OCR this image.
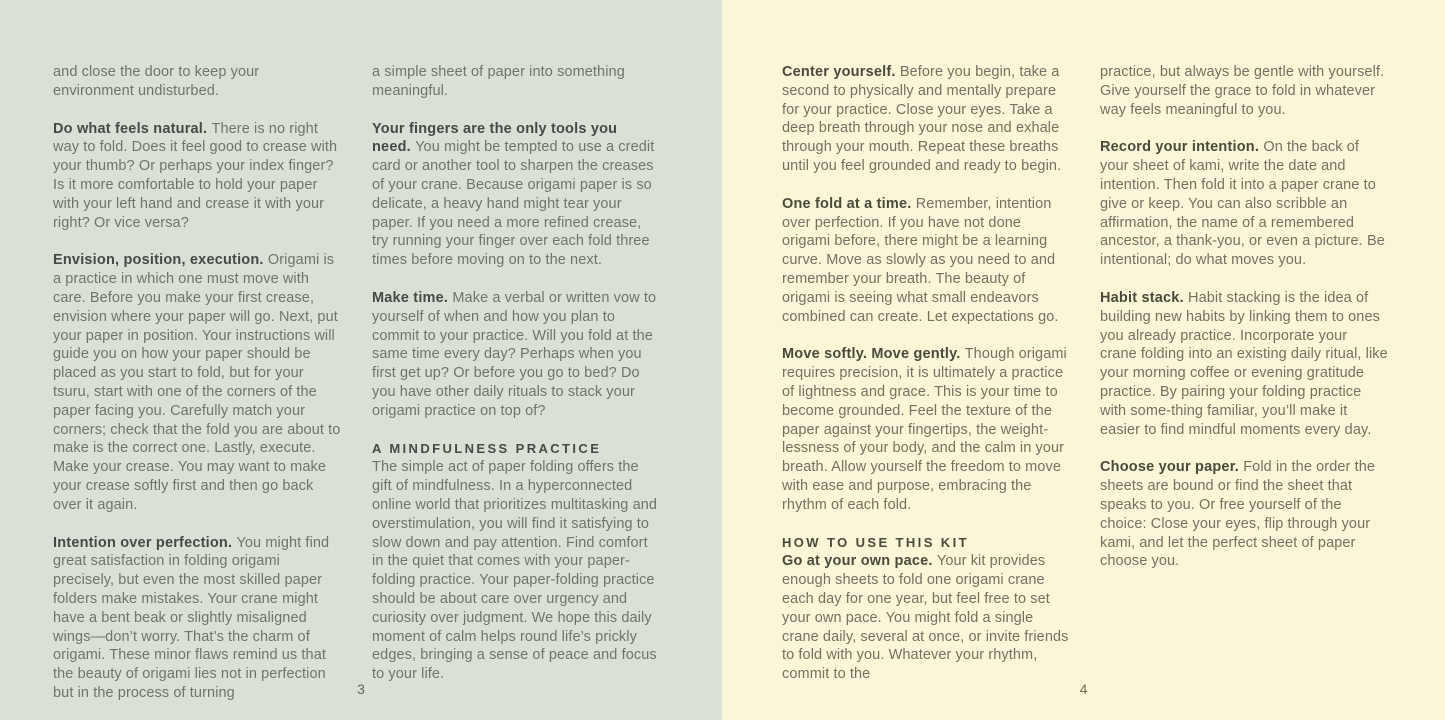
and close the door to keep your environment undisturbed.

Do what feels natural. There is no right way to fold. Does it feel good to crease with your thumb? Or perhaps your index finger? Is it more comfortable to hold your paper with your left hand and crease it with your right? Or vice versa?

Envision, position, execution. Origami is a practice in which one must move with care. Before you make your first crease, envision where your paper will go. Next, put your paper in position. Your instructions will guide you on how your paper should be placed as you start to fold, but for your tsuru, start with one of the corners of the paper facing you. Carefully match your corners; check that the fold you are about to make is the correct one. Lastly, execute. Make your crease. You may want to make your crease softly first and then go back over it again.

Intention over perfection. You might find great satisfaction in folding origami precisely, but even the most skilled paper folders make mistakes. Your crane might have a bent beak or slightly misaligned wings—don’t worry. That’s the charm of origami. These minor flaws remind us that the beauty of origami lies not in perfection but in the process of turning

a simple sheet of paper into something meaningful.

Your fingers are the only tools you need. You might be tempted to use a credit card or another tool to sharpen the creases of your crane. Because origami paper is so delicate, a heavy hand might tear your paper. If you need a more refined crease, try running your finger over each fold three times before moving on to the next.

Make time. Make a verbal or written vow to yourself of when and how you plan to commit to your practice. Will you fold at the same time every day? Perhaps when you first get up? Or before you go to bed? Do you have other daily rituals to stack your origami practice on top of?

A MINDFULNESS PRACTICE

The simple act of paper folding offers the gift of mindfulness. In a hyperconnected online world that prioritizes multitasking and overstimulation, you will find it satisfying to slow down and pay attention. Find comfort in the quiet that comes with your paper-folding practice. Your paper-folding practice should be about care over urgency and curiosity over judgment. We hope this daily moment of calm helps round life’s prickly edges, bringing a sense of peace and focus to your life.

3

Center yourself. Before you begin, take a second to physically and mentally prepare for your practice. Close your eyes. Take a deep breath through your nose and exhale through your mouth. Repeat these breaths until you feel grounded and ready to begin.

One fold at a time. Remember, intention over perfection. If you have not done origami before, there might be a learning curve. Move as slowly as you need to and remember your breath. The beauty of origami is seeing what small endeavors combined can create. Let expectations go.

Move softly. Move gently. Though origami requires precision, it is ultimately a practice of lightness and grace. This is your time to become grounded. Feel the texture of the paper against your fingertips, the weight-lessness of your body, and the calm in your breath. Allow yourself the freedom to move with ease and purpose, embracing the rhythm of each fold.

HOW TO USE THIS KIT

Go at your own pace. Your kit provides enough sheets to fold one origami crane each day for one year, but feel free to set your own pace. You might fold a single crane daily, several at once, or invite friends to fold with you. Whatever your rhythm, commit to the

practice, but always be gentle with yourself. Give yourself the grace to fold in whatever way feels meaningful to you.

Record your intention. On the back of your sheet of kami, write the date and intention. Then fold it into a paper crane to give or keep. You can also scribble an affirmation, the name of a remembered ancestor, a thank-you, or even a picture. Be intentional; do what moves you.

Habit stack. Habit stacking is the idea of building new habits by linking them to ones you already practice. Incorporate your crane folding into an existing daily ritual, like your morning coffee or evening gratitude practice. By pairing your folding practice with some-thing familiar, you’ll make it easier to find mindful moments every day.

Choose your paper. Fold in the order the sheets are bound or find the sheet that speaks to you. Or free yourself of the choice: Close your eyes, flip through your kami, and let the perfect sheet of paper choose you.

4
